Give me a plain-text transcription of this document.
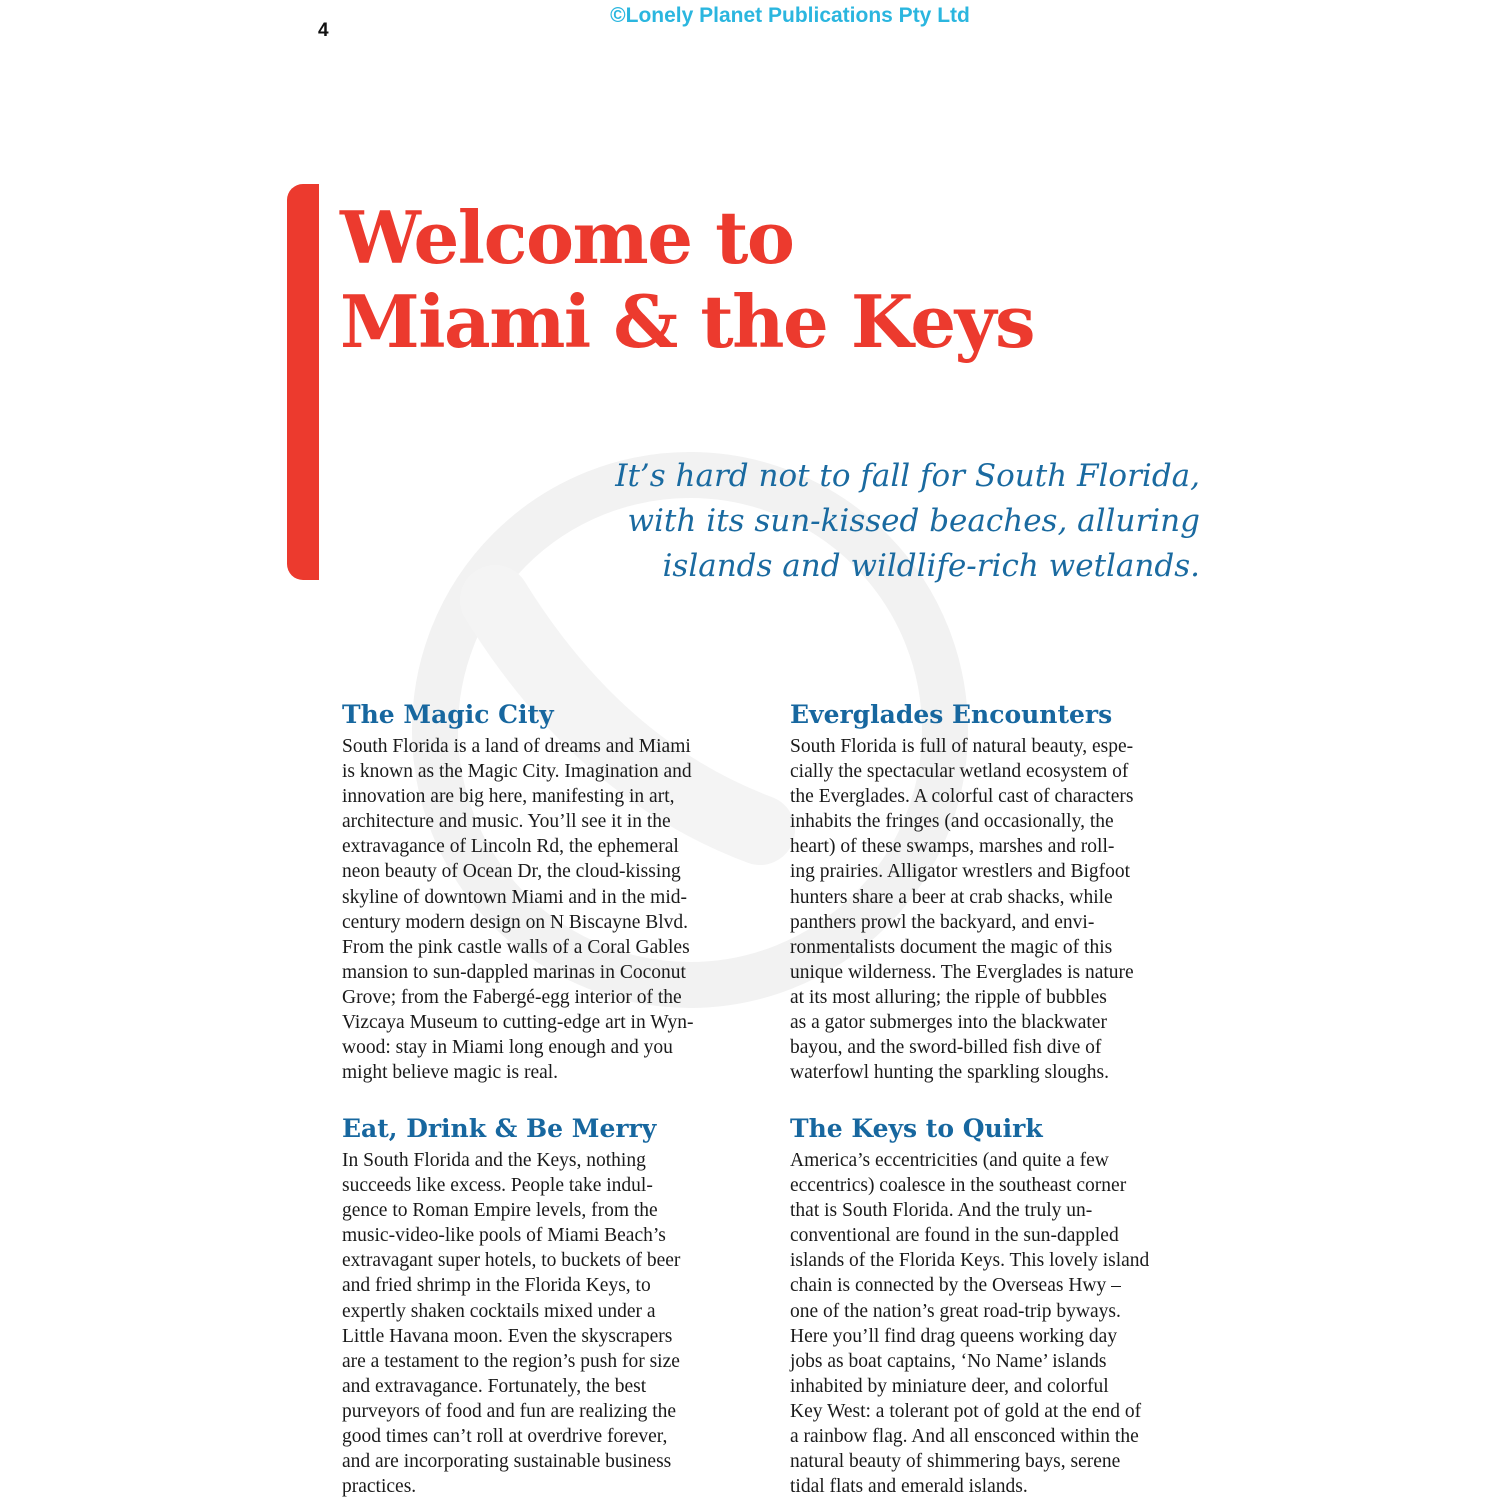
©Lonely Planet Publications Pty Ltd
4
Welcome to
Miami & the Keys

It’s hard not to fall for South Florida,
with its sun-kissed beaches, alluring
islands and wildlife-rich wetlands.

The Magic City
South Florida is a land of dreams and Miami
is known as the Magic City. Imagination and
innovation are big here, manifesting in art,
architecture and music. You’ll see it in the
extravagance of Lincoln Rd, the ephemeral
neon beauty of Ocean Dr, the cloud-kissing
skyline of downtown Miami and in the mid-
century modern design on N Biscayne Blvd.
From the pink castle walls of a Coral Gables
mansion to sun-dappled marinas in Coconut
Grove; from the Fabergé-egg interior of the
Vizcaya Museum to cutting-edge art in Wyn-
wood: stay in Miami long enough and you
might believe magic is real.
Everglades Encounters
South Florida is full of natural beauty, espe-
cially the spectacular wetland ecosystem of
the Everglades. A colorful cast of characters
inhabits the fringes (and occasionally, the
heart) of these swamps, marshes and roll-
ing prairies. Alligator wrestlers and Bigfoot
hunters share a beer at crab shacks, while
panthers prowl the backyard, and envi-
ronmentalists document the magic of this
unique wilderness. The Everglades is nature
at its most alluring; the ripple of bubbles
as a gator submerges into the blackwater
bayou, and the sword-billed fish dive of
waterfowl hunting the sparkling sloughs.
Eat, Drink & Be Merry
In South Florida and the Keys, nothing
succeeds like excess. People take indul-
gence to Roman Empire levels, from the
music-video-like pools of Miami Beach’s
extravagant super hotels, to buckets of beer
and fried shrimp in the Florida Keys, to
expertly shaken cocktails mixed under a
Little Havana moon. Even the skyscrapers
are a testament to the region’s push for size
and extravagance. Fortunately, the best
purveyors of food and fun are realizing the
good times can’t roll at overdrive forever,
and are incorporating sustainable business
practices.
The Keys to Quirk
America’s eccentricities (and quite a few
eccentrics) coalesce in the southeast corner
that is South Florida. And the truly un-
conventional are found in the sun-dappled
islands of the Florida Keys. This lovely island
chain is connected by the Overseas Hwy –
one of the nation’s great road-trip byways.
Here you’ll find drag queens working day
jobs as boat captains, ‘No Name’ islands
inhabited by miniature deer, and colorful
Key West: a tolerant pot of gold at the end of
a rainbow flag. And all ensconced within the
natural beauty of shimmering bays, serene
tidal flats and emerald islands.
